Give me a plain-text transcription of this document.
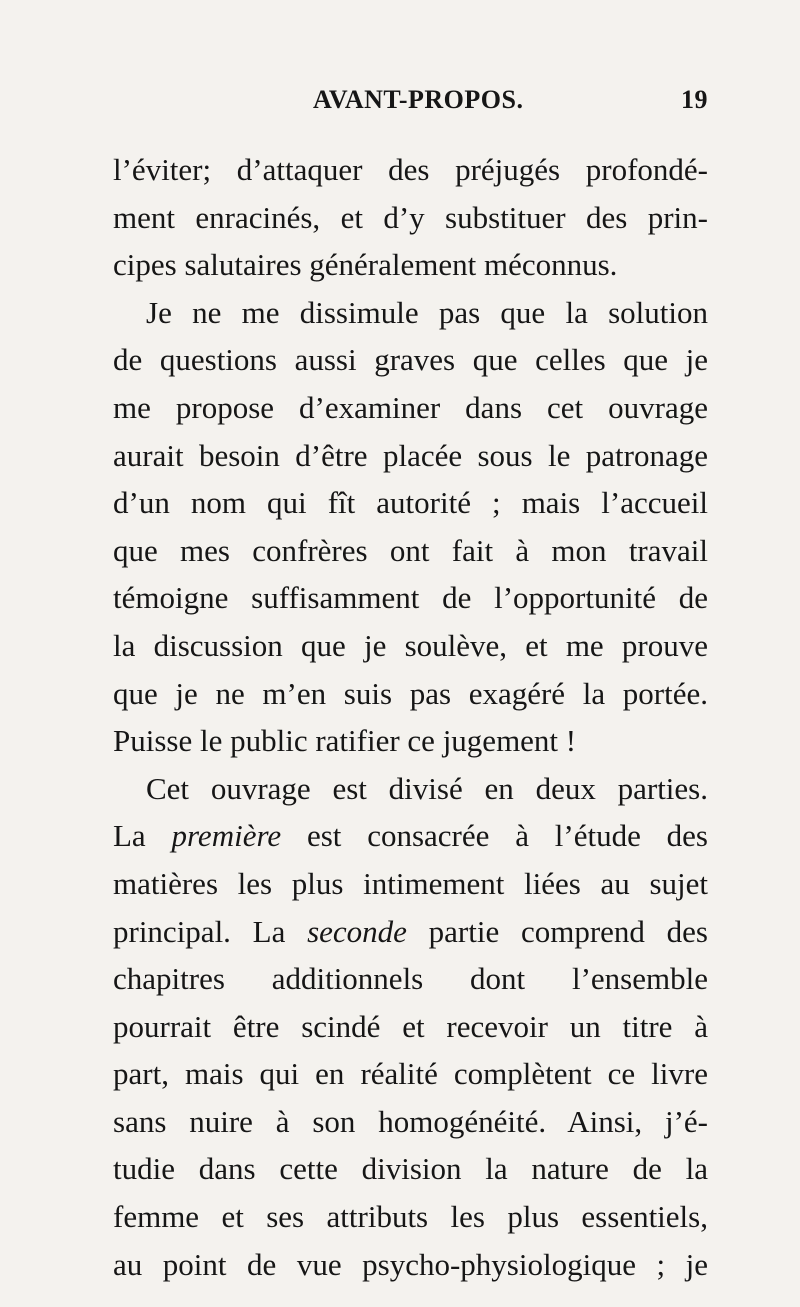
AVANT-PROPOS.	19
l’éviter; d’attaquer des préjugés profondé-
ment enracinés, et d’y substituer des prin-
cipes salutaires généralement méconnus.
Je ne me dissimule pas que la solution
de questions aussi graves que celles que je
me propose d’examiner dans cet ouvrage
aurait besoin d’être placée sous le patronage
d’un nom qui fît autorité ; mais l’accueil
que mes confrères ont fait à mon travail
témoigne suffisamment de l’opportunité de
la discussion que je soulève, et me prouve
que je ne m’en suis pas exagéré la portée.
Puisse le public ratifier ce jugement !
Cet ouvrage est divisé en deux parties.
La première est consacrée à l’étude des
matières les plus intimement liées au sujet
principal. La seconde partie comprend des
chapitres additionnels dont l’ensemble
pourrait être scindé et recevoir un titre à
part, mais qui en réalité complètent ce livre
sans nuire à son homogénéité. Ainsi, j’é-
tudie dans cette division la nature de la
femme et ses attributs les plus essentiels,
au point de vue psycho-physiologique ; je
